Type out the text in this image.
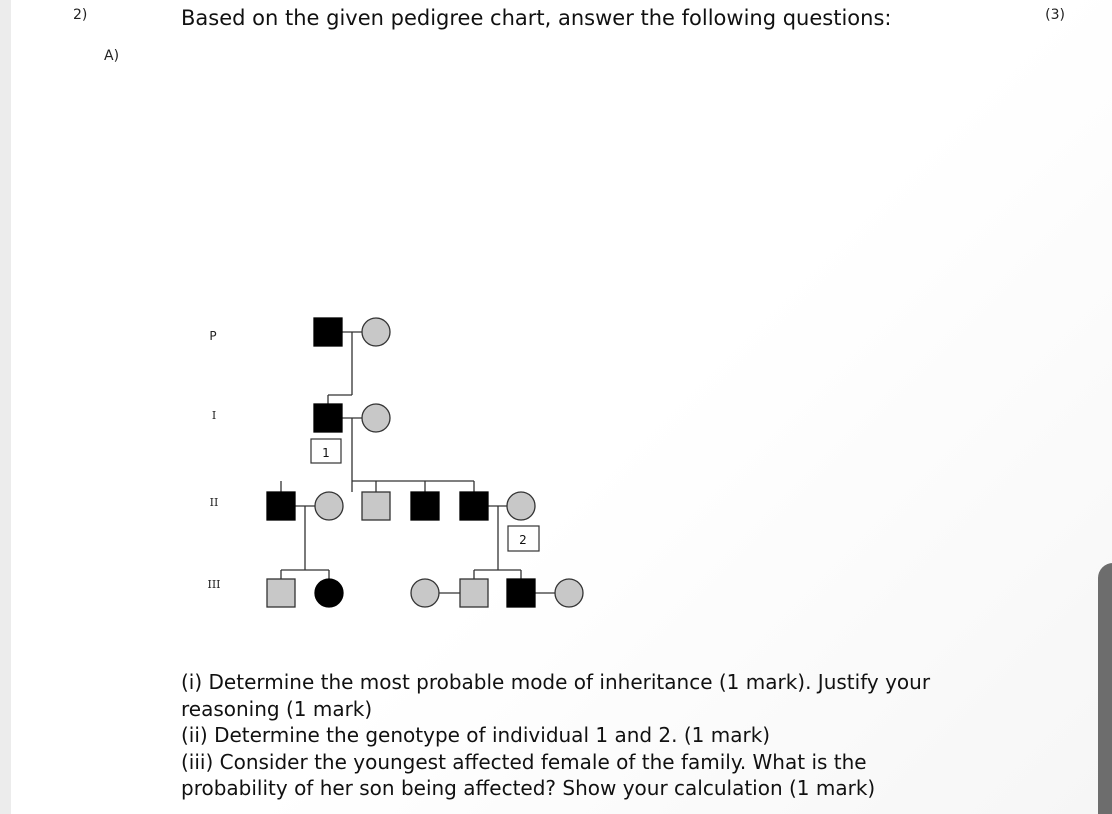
2)	Based on the given pedigree chart, answer the following questions:	(3)
A)
P
I
II
III
1
2
(i) Determine the most probable mode of inheritance (1 mark). Justify your
reasoning (1 mark)
(ii) Determine the genotype of individual 1 and 2. (1 mark)
(iii) Consider the youngest affected female of the family. What is the
probability of her son being affected? Show your calculation (1 mark)
